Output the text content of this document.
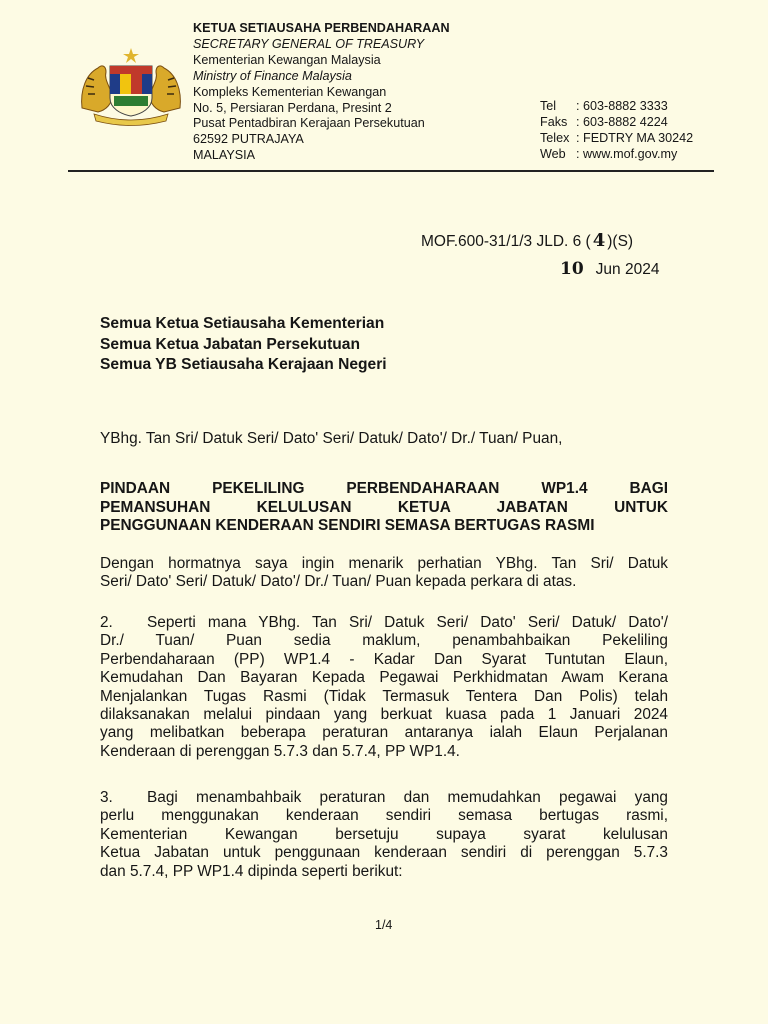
KETUA SETIAUSAHA PERBENDAHARAAN
SECRETARY GENERAL OF TREASURY
Kementerian Kewangan Malaysia
Ministry of Finance Malaysia
Kompleks Kementerian Kewangan
No. 5, Persiaran Perdana, Presint 2
Pusat Pentadbiran Kerajaan Persekutuan
62592 PUTRAJAYA
MALAYSIA
Tel	: 603-8882 3333
Faks : 603-8882 4224
Telex : FEDTRY MA 30242
Web : www.mof.gov.my
MOF.600-31/1/3 JLD. 6 ( 4 )(S)
10 Jun 2024
Semua Ketua Setiausaha Kementerian
Semua Ketua Jabatan Persekutuan
Semua YB Setiausaha Kerajaan Negeri
YBhg. Tan Sri/ Datuk Seri/ Dato' Seri/ Datuk/ Dato'/ Dr./ Tuan/ Puan,
PINDAAN PEKELILING PERBENDAHARAAN WP1.4 BAGI
PEMANSUHAN KELULUSAN KETUA JABATAN UNTUK
PENGGUNAAN KENDERAAN SENDIRI SEMASA BERTUGAS RASMI
Dengan hormatnya saya ingin menarik perhatian YBhg. Tan Sri/ Datuk
Seri/ Dato' Seri/ Datuk/ Dato'/ Dr./ Tuan/ Puan kepada perkara di atas.
2. Seperti mana YBhg. Tan Sri/ Datuk Seri/ Dato' Seri/ Datuk/ Dato'/
Dr./ Tuan/ Puan sedia maklum, penambahbaikan Pekeliling
Perbendaharaan (PP) WP1.4 - Kadar Dan Syarat Tuntutan Elaun,
Kemudahan Dan Bayaran Kepada Pegawai Perkhidmatan Awam Kerana
Menjalankan Tugas Rasmi (Tidak Termasuk Tentera Dan Polis) telah
dilaksanakan melalui pindaan yang berkuat kuasa pada 1 Januari 2024
yang melibatkan beberapa peraturan antaranya ialah Elaun Perjalanan
Kenderaan di perenggan 5.7.3 dan 5.7.4, PP WP1.4.
3. Bagi menambahbaik peraturan dan memudahkan pegawai yang
perlu menggunakan kenderaan sendiri semasa bertugas rasmi,
Kementerian Kewangan bersetuju supaya syarat kelulusan
Ketua Jabatan untuk penggunaan kenderaan sendiri di perenggan 5.7.3
dan 5.7.4, PP WP1.4 dipinda seperti berikut:
1/4
